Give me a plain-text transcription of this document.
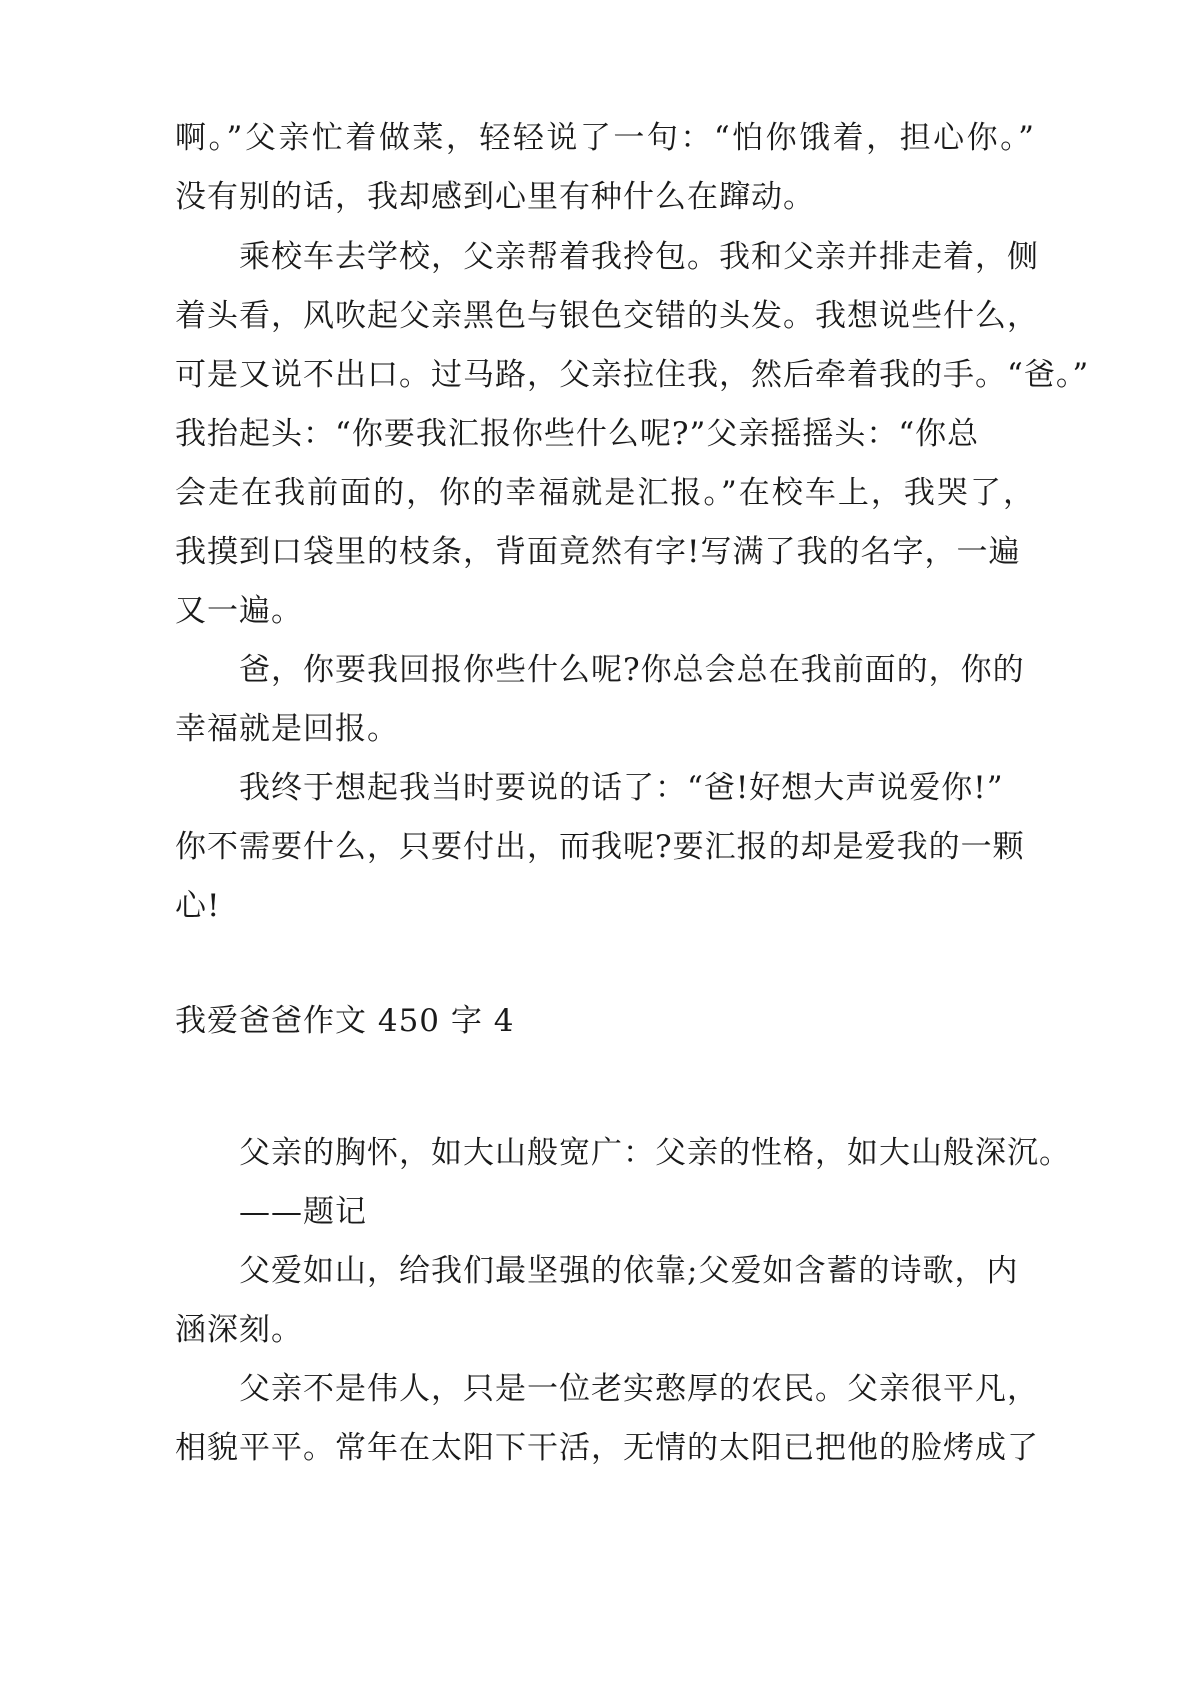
啊。”父亲忙着做菜，轻轻说了一句：“怕你饿着，担心你。”
没有别的话，我却感到心里有种什么在蹿动。
乘校车去学校，父亲帮着我拎包。我和父亲并排走着，侧
着头看，风吹起父亲黑色与银色交错的头发。我想说些什么，
可是又说不出口。过马路，父亲拉住我，然后牵着我的手。“爸。”
我抬起头：“你要我汇报你些什么呢?”父亲摇摇头：“你总
会走在我前面的，你的幸福就是汇报。”在校车上，我哭了，
我摸到口袋里的枝条，背面竟然有字!写满了我的名字，一遍
又一遍。
爸，你要我回报你些什么呢?你总会总在我前面的，你的
幸福就是回报。
我终于想起我当时要说的话了：“爸!好想大声说爱你!”
你不需要什么，只要付出，而我呢?要汇报的却是爱我的一颗
心!
我爱爸爸作文 450 字 4
父亲的胸怀，如大山般宽广：父亲的性格，如大山般深沉。
——题记
父爱如山，给我们最坚强的依靠;父爱如含蓄的诗歌，内
涵深刻。
父亲不是伟人，只是一位老实憨厚的农民。父亲很平凡，
相貌平平。常年在太阳下干活，无情的太阳已把他的脸烤成了
